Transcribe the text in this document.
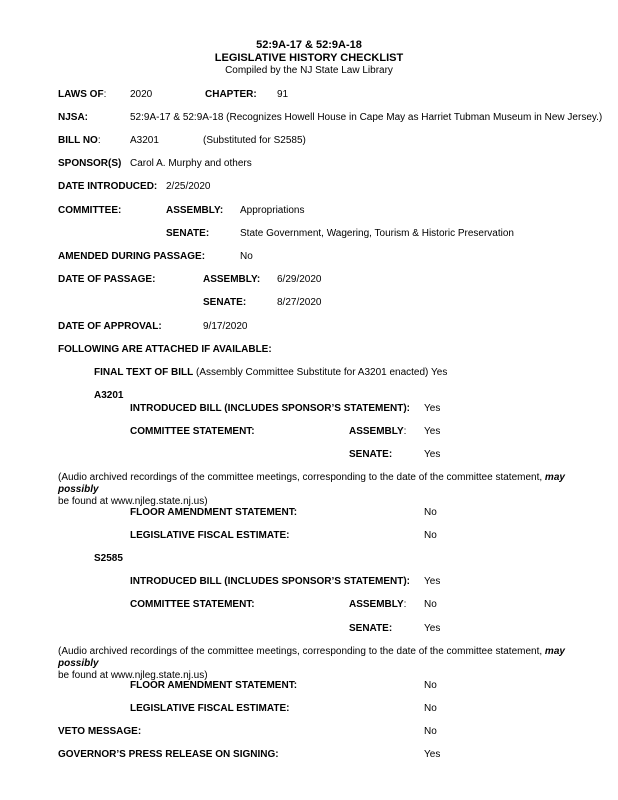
52:9A-17 & 52:9A-18
LEGISLATIVE HISTORY CHECKLIST
Compiled by the NJ State Law Library
LAWS OF: 2020	CHAPTER: 91
NJSA:	52:9A-17 & 52:9A-18 (Recognizes Howell House in Cape May as Harriet Tubman Museum in New Jersey.)
BILL NO:	A3201	(Substituted for S2585)
SPONSOR(S) Carol A. Murphy and others
DATE INTRODUCED: 2/25/2020
COMMITTEE:	ASSEMBLY: Appropriations
SENATE:	State Government, Wagering, Tourism & Historic Preservation
AMENDED DURING PASSAGE:	No
DATE OF PASSAGE:	ASSEMBLY: 6/29/2020
SENATE:	8/27/2020
DATE OF APPROVAL:	9/17/2020
FOLLOWING ARE ATTACHED IF AVAILABLE:
FINAL TEXT OF BILL (Assembly Committee Substitute for A3201 enacted) Yes
A3201
INTRODUCED BILL (INCLUDES SPONSOR’S STATEMENT): Yes
COMMITTEE STATEMENT:	ASSEMBLY: Yes
SENATE:	Yes
(Audio archived recordings of the committee meetings, corresponding to the date of the committee statement, may possibly
be found at www.njleg.state.nj.us)
FLOOR AMENDMENT STATEMENT:	No
LEGISLATIVE FISCAL ESTIMATE:	No
S2585
INTRODUCED BILL (INCLUDES SPONSOR’S STATEMENT): Yes
COMMITTEE STATEMENT:	ASSEMBLY: No
SENATE:	Yes
(Audio archived recordings of the committee meetings, corresponding to the date of the committee statement, may possibly
be found at www.njleg.state.nj.us)
FLOOR AMENDMENT STATEMENT:	No
LEGISLATIVE FISCAL ESTIMATE:	No
VETO MESSAGE:	No
GOVERNOR’S PRESS RELEASE ON SIGNING:	Yes
